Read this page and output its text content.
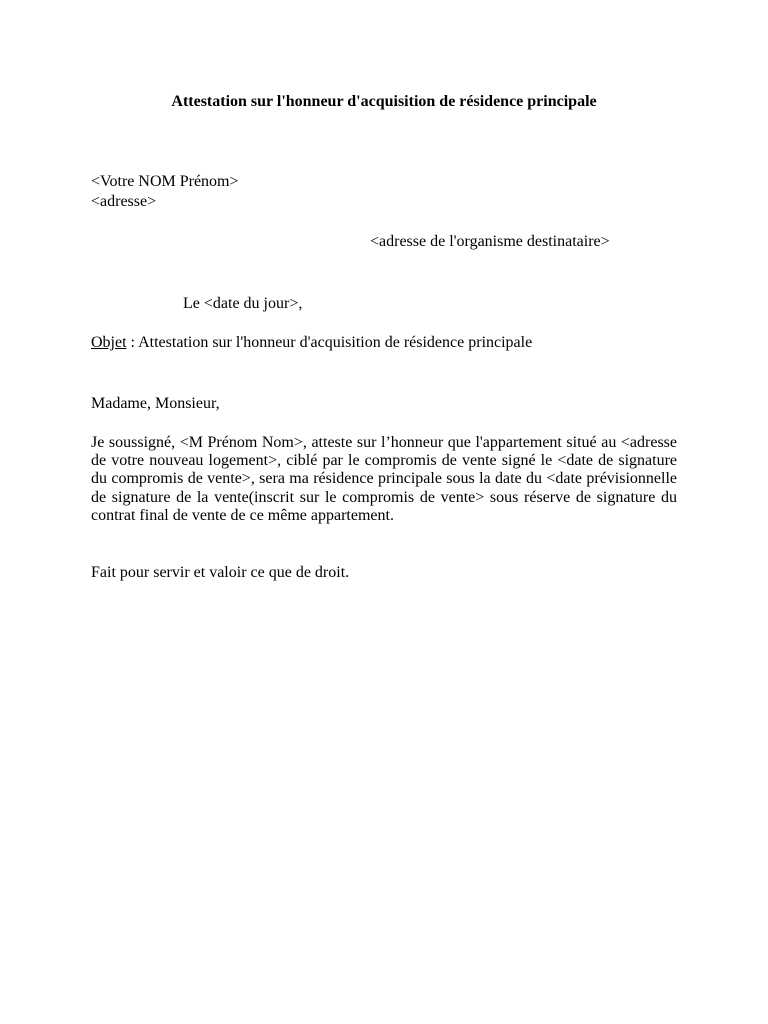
Attestation sur l'honneur d'acquisition de résidence principale
<Votre NOM Prénom>
<adresse>
<adresse de l'organisme destinataire>
Le <date du jour>,
Objet : Attestation sur l'honneur d'acquisition de résidence principale
Madame, Monsieur,
Je soussigné, <M Prénom Nom>, atteste sur l’honneur que l'appartement situé au <adresse de votre nouveau logement>, ciblé par le compromis de vente signé le <date de signature du compromis de vente>, sera ma résidence principale sous la date du <date prévisionnelle de signature de la vente(inscrit sur le compromis de vente> sous réserve de signature du contrat final de vente de ce même appartement.
Fait pour servir et valoir ce que de droit.
